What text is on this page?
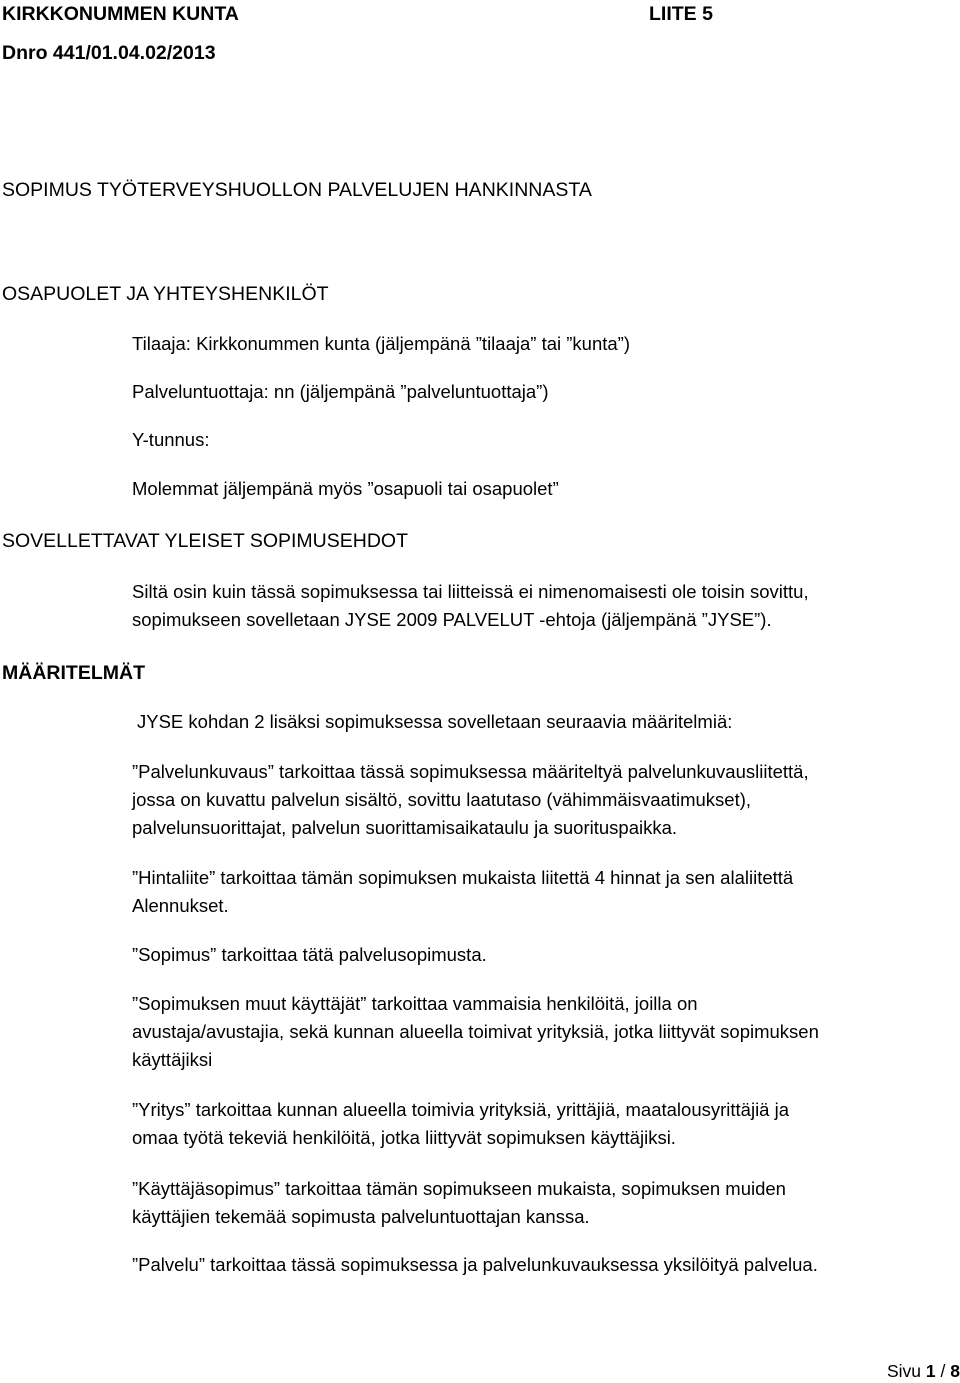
KIRKKONUMMEN KUNTA	LIITE 5
Dnro 441/01.04.02/2013
SOPIMUS TYÖTERVEYSHUOLLON PALVELUJEN HANKINNASTA
OSAPUOLET JA YHTEYSHENKILÖT
Tilaaja: Kirkkonummen kunta (jäljempänä ”tilaaja” tai ”kunta”)
Palveluntuottaja: nn (jäljempänä ”palveluntuottaja”)
Y-tunnus:
Molemmat jäljempänä myös ”osapuoli tai osapuolet”
SOVELLETTAVAT YLEISET SOPIMUSEHDOT
Siltä osin kuin tässä sopimuksessa tai liitteissä ei nimenomaisesti ole toisin sovittu,
sopimukseen sovelletaan JYSE 2009 PALVELUT -ehtoja (jäljempänä ”JYSE”).
MÄÄRITELMÄT
JYSE kohdan 2 lisäksi sopimuksessa sovelletaan seuraavia määritelmiä:
”Palvelunkuvaus” tarkoittaa tässä sopimuksessa määriteltyä palvelunkuvausliitettä,
jossa on kuvattu palvelun sisältö, sovittu laatutaso (vähimmäisvaatimukset),
palvelunsuorittajat, palvelun suorittamisaikataulu ja suorituspaikka.
”Hintaliite” tarkoittaa tämän sopimuksen mukaista liitettä 4 hinnat ja sen alaliitettä
Alennukset.
”Sopimus” tarkoittaa tätä palvelusopimusta.
”Sopimuksen muut käyttäjät” tarkoittaa vammaisia henkilöitä, joilla on
avustaja/avustajia, sekä kunnan alueella toimivat yrityksiä, jotka liittyvät sopimuksen
käyttäjiksi
”Yritys” tarkoittaa kunnan alueella toimivia yrityksiä, yrittäjiä, maatalousyrittäjiä ja
omaa työtä tekeviä henkilöitä, jotka liittyvät sopimuksen käyttäjiksi.
”Käyttäjäsopimus” tarkoittaa tämän sopimukseen mukaista, sopimuksen muiden
käyttäjien tekemää sopimusta palveluntuottajan kanssa.
”Palvelu” tarkoittaa tässä sopimuksessa ja palvelunkuvauksessa yksilöityä palvelua.
Sivu 1 / 8
